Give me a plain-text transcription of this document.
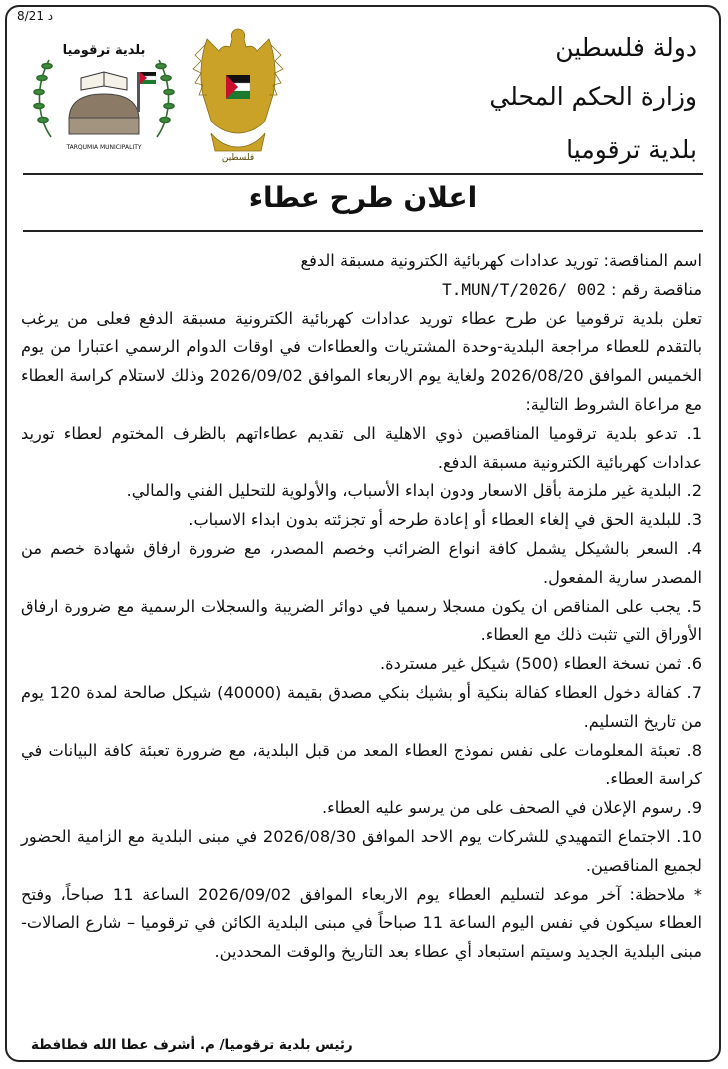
8/21 د
دولة فلسطين
وزارة الحكم المحلي
بلدية ترقوميا
فلسطين
بلدية ترقوميا
TARQUMIA MUNICIPALITY
اعلان طرح عطاء

اسم المناقصة: توريد عدادات كهربائية الكترونية مسبقة الدفع

مناقصة رقم : T.MUN/T/2026/ 002

تعلن بلدية ترقوميا عن طرح عطاء توريد عدادات كهربائية الكترونية مسبقة الدفع فعلى من يرغب بالتقدم للعطاء مراجعة البلدية-وحدة المشتريات والعطاءات في اوقات الدوام الرسمي اعتبارا من يوم الخميس الموافق 2026/08/20 ولغاية يوم الاربعاء الموافق 2026/09/02 وذلك لاستلام كراسة العطاء مع مراعاة الشروط التالية:

1. تدعو بلدية ترقوميا المناقصين ذوي الاهلية الى تقديم عطاءاتهم بالظرف المختوم لعطاء توريد عدادات كهربائية الكترونية مسبقة الدفع.

2. البلدية غير ملزمة بأقل الاسعار ودون ابداء الأسباب، والأولوية للتحليل الفني والمالي.

3. للبلدية الحق في إلغاء العطاء أو إعادة طرحه أو تجزئته بدون ابداء الاسباب.

4. السعر بالشيكل يشمل كافة انواع الضرائب وخصم المصدر، مع ضرورة ارفاق شهادة خصم من المصدر سارية المفعول.

5. يجب على المناقص ان يكون مسجلا رسميا في دوائر الضريبة والسجلات الرسمية مع ضرورة ارفاق الأوراق التي تثبت ذلك مع العطاء.

6. ثمن نسخة العطاء (500) شيكل غير مستردة.

7. كفالة دخول العطاء كفالة بنكية أو بشيك بنكي مصدق بقيمة (40000) شيكل صالحة لمدة 120 يوم من تاريخ التسليم.

8. تعبئة المعلومات على نفس نموذج العطاء المعد من قبل البلدية، مع ضرورة تعبئة كافة البيانات في كراسة العطاء.

9. رسوم الإعلان في الصحف على من يرسو عليه العطاء.

10. الاجتماع التمهيدي للشركات يوم الاحد الموافق 2026/08/30 في مبنى البلدية مع الزامية الحضور لجميع المناقصين.

* ملاحظة: آخر موعد لتسليم العطاء يوم الاربعاء الموافق 2026/09/02 الساعة 11 صباحاً، وفتح العطاء سيكون في نفس اليوم الساعة 11 صباحاً في مبنى البلدية الكائن في ترقوميا – شارع الصالات-مبنى البلدية الجديد وسيتم استبعاد أي عطاء بعد التاريخ والوقت المحددين.

رئيس بلدية ترقوميا/ م. أشرف عطا الله فطافطة
